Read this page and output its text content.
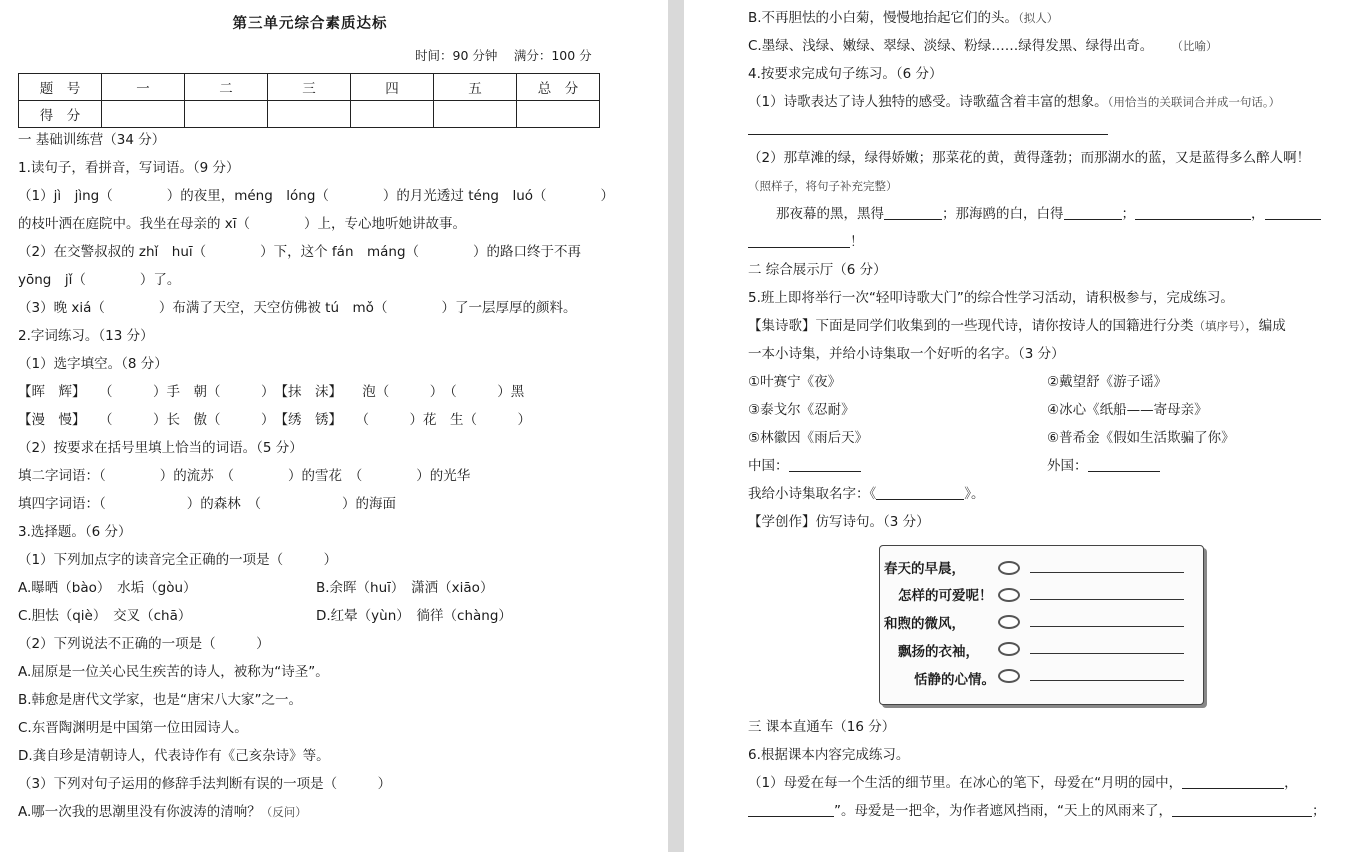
第三单元综合素质达标
时间：90 分钟　 满分：100 分
题　号	一	二	三	四	五	总　分
得　分						
一 基础训练营（34 分）
1.读句子，看拼音，写词语。（9 分）
（1）jì　jìng（　　　　）的夜里，méng　lóng（　　　　）的月光透过 téng　luó（　　　　）
的枝叶洒在庭院中。我坐在母亲的 xī（　　　　）上，专心地听她讲故事。
（2）在交警叔叔的 zhǐ　huī（　　　　）下，这个 fán　máng（　　　　）的路口终于不再
yōng　jǐ（　　　　）了。
（3）晚 xiá（　　　　）布满了天空，天空仿佛被 tú　mǒ（　　　　）了一层厚厚的颜料。
2.字词练习。（13 分）
（1）选字填空。（8 分）
【晖　辉】　　（　　　）手　朝（　　　）　【抹　沫】　　泡（　　　）　（　　　）黑
【漫　慢】　　（　　　）长　傲（　　　）　【绣　锈】　　（　　　）花　生（　　　）
（2）按要求在括号里填上恰当的词语。（5 分）
填二字词语：（　　　　）的流苏　（　　　　）的雪花　（　　　　）的光华
填四字词语：（　　　　　　）的森林　（　　　　　　）的海面
3.选择题。（6 分）
（1）下列加点字的读音完全正确的一项是（　　　）
A.曝晒（bào）　水垢（gòu）	B.余晖（huī）　潇洒（xiāo）
C.胆怯（qiè）　交叉（chā）	D.红晕（yùn）　徜徉（chàng）
（2）下列说法不正确的一项是（　　　）
A.屈原是一位关心民生疾苦的诗人，被称为“诗圣”。
B.韩愈是唐代文学家，也是“唐宋八大家”之一。
C.东晋陶渊明是中国第一位田园诗人。
D.龚自珍是清朝诗人，代表诗作有《己亥杂诗》等。
（3）下列对句子运用的修辞手法判断有误的一项是（　　　）
A.哪一次我的思潮里没有你波涛的清响？（反问）
B.不再胆怯的小白菊，慢慢地抬起它们的头。（拟人）
C.墨绿、浅绿、嫩绿、翠绿、淡绿、粉绿……绿得发黑、绿得出奇。 （比喻）
4.按要求完成句子练习。（6 分）
（1）诗歌表达了诗人独特的感受。诗歌蕴含着丰富的想象。（用恰当的关联词合并成一句话。）
（2）那草滩的绿，绿得娇嫩；那菜花的黄，黄得蓬勃；而那湖水的蓝，又是蓝得多么醉人啊！
（照样子，将句子补充完整）
那夜幕的黑，黑得	；那海鸥的白，白得	；	，
！
二 综合展示厅（6 分）
5.班上即将举行一次“轻叩诗歌大门”的综合性学习活动，请积极参与，完成练习。
【集诗歌】下面是同学们收集到的一些现代诗，请你按诗人的国籍进行分类（填序号），编成
一本小诗集，并给小诗集取一个好听的名字。（3 分）
①叶赛宁《夜》	②戴望舒《游子谣》
③泰戈尔《忍耐》	④冰心《纸船——寄母亲》
⑤林徽因《雨后天》	⑥普希金《假如生活欺骗了你》
中国：	外国：
我给小诗集取名字：《	》。
【学创作】仿写诗句。（3 分）
三 课本直通车（16 分）
6.根据课本内容完成练习。
（1）母爱在每一个生活的细节里。在冰心的笔下，母爱在“月明的园中，	，
”。母爱是一把伞，为作者遮风挡雨，“天上的风雨来了，	；
春天的早晨，
怎样的可爱呢！
和煦的微风，
飘扬的衣袖，
恬静的心情。
